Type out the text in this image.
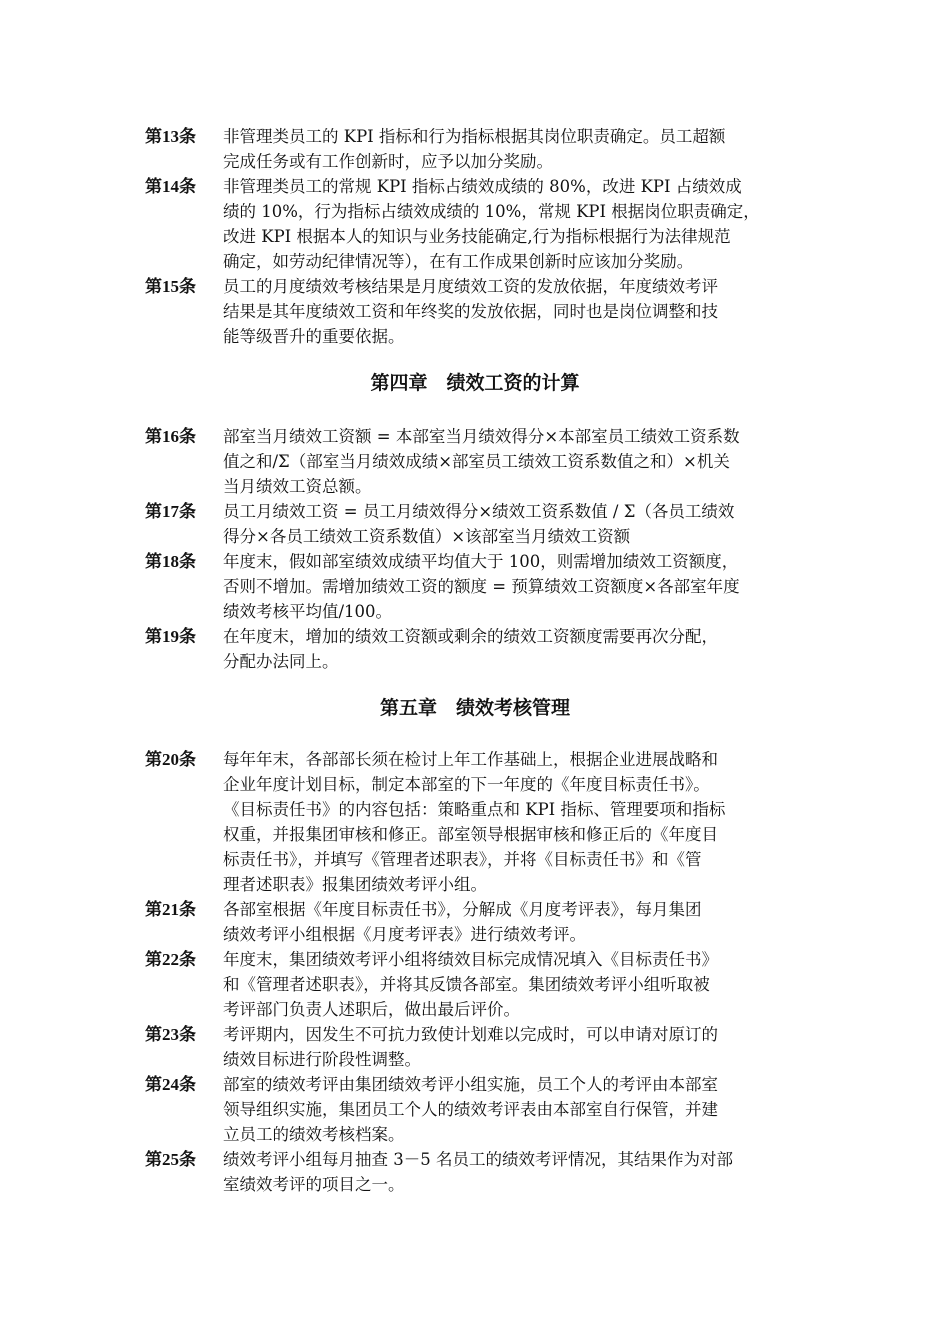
第13条	非管理类员工的 KPI 指标和行为指标根据其岗位职责确定。员工超额
完成任务或有工作创新时，应予以加分奖励。
第14条	非管理类员工的常规 KPI 指标占绩效成绩的 80%，改进 KPI 占绩效成
绩的 10%，行为指标占绩效成绩的 10%，常规 KPI 根据岗位职责确定，
改进 KPI 根据本人的知识与业务技能确定,行为指标根据行为法律规范
确定，如劳动纪律情况等），在有工作成果创新时应该加分奖励。
第15条	员工的月度绩效考核结果是月度绩效工资的发放依据，年度绩效考评
结果是其年度绩效工资和年终奖的发放依据，同时也是岗位调整和技
能等级晋升的重要依据。
第四章　绩效工资的计算
第16条	部室当月绩效工资额 = 本部室当月绩效得分×本部室员工绩效工资系数
值之和/Σ（部室当月绩效成绩×部室员工绩效工资系数值之和）×机关
当月绩效工资总额。
第17条	员工月绩效工资 = 员工月绩效得分×绩效工资系数值 / Σ（各员工绩效
得分×各员工绩效工资系数值）×该部室当月绩效工资额
第18条	年度末，假如部室绩效成绩平均值大于 100，则需增加绩效工资额度，
否则不增加。需增加绩效工资的额度 = 预算绩效工资额度×各部室年度
绩效考核平均值/100。
第19条	在年度末，增加的绩效工资额或剩余的绩效工资额度需要再次分配，
分配办法同上。
第五章　绩效考核管理
第20条	每年年末，各部部长须在检讨上年工作基础上，根据企业进展战略和
企业年度计划目标，制定本部室的下一年度的《年度目标责任书》。
《目标责任书》的内容包括：策略重点和 KPI 指标、管理要项和指标
权重，并报集团审核和修正。部室领导根据审核和修正后的《年度目
标责任书》，并填写《管理者述职表》，并将《目标责任书》和《管
理者述职表》报集团绩效考评小组。
第21条	各部室根据《年度目标责任书》，分解成《月度考评表》，每月集团
绩效考评小组根据《月度考评表》进行绩效考评。
第22条	年度末，集团绩效考评小组将绩效目标完成情况填入《目标责任书》
和《管理者述职表》，并将其反馈各部室。集团绩效考评小组听取被
考评部门负责人述职后，做出最后评价。
第23条	考评期内，因发生不可抗力致使计划难以完成时，可以申请对原订的
绩效目标进行阶段性调整。
第24条	部室的绩效考评由集团绩效考评小组实施，员工个人的考评由本部室
领导组织实施，集团员工个人的绩效考评表由本部室自行保管，并建
立员工的绩效考核档案。
第25条	绩效考评小组每月抽查 3－5 名员工的绩效考评情况，其结果作为对部
室绩效考评的项目之一。
